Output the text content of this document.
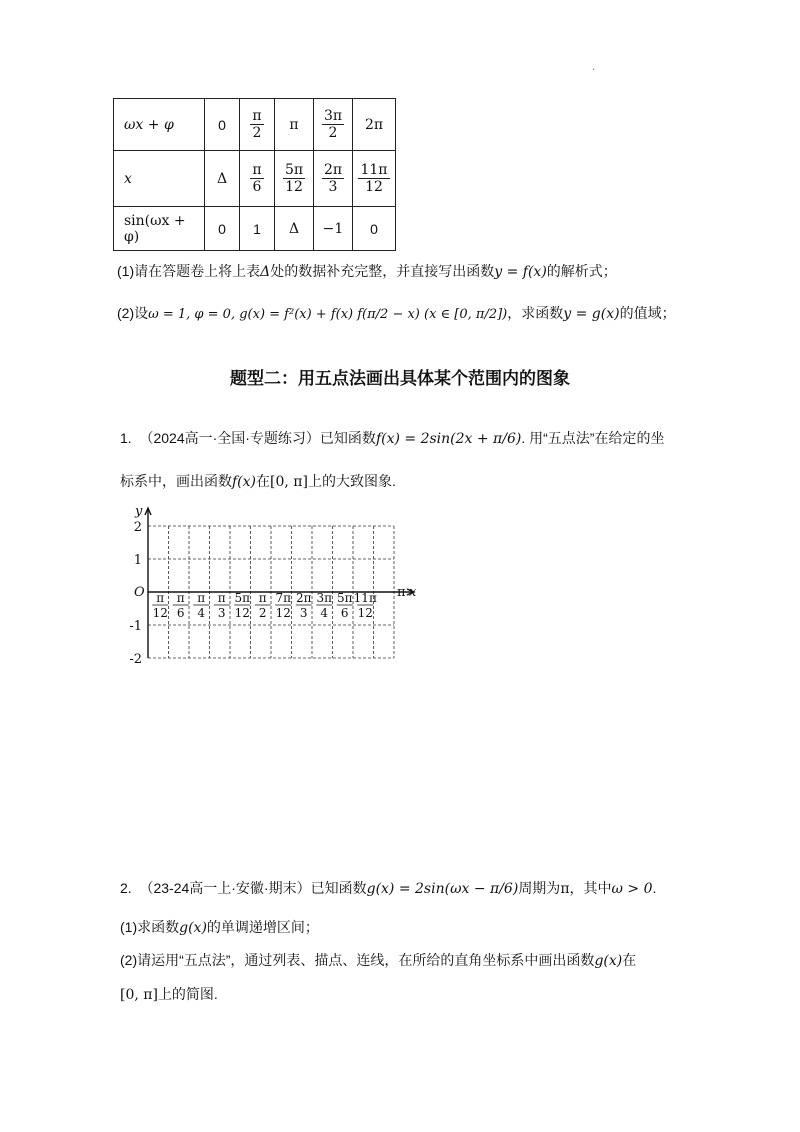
.
ωx + φ	0	$\frac{\pi}{2}$	π	$\frac{3\pi}{2}$	2π
x	Δ	$\frac{\pi}{6}$	$\frac{5\pi}{12}$	$\frac{2\pi}{3}$	$\frac{11\pi}{12}$

sin(ωx + φ)	0	1	Δ	−1	0
(1)请在答题卷上将上表Δ处的数据补充完整，并直接写出函数y = f(x)的解析式；
(2)设ω = 1, φ = 0, g(x) = f²(x) + f(x) f(π/2 − x) (x ∈ [0, π/2])，求函数y = g(x)的值域；
题型二：用五点法画出具体某个范围内的图象
1. （2024高一·全国·专题练习）已知函数f(x) = 2sin(2x + π/6). 用“五点法”在给定的坐
标系中，画出函数f(x)在[0, π]上的大致图象.
y
O	π x
2
1
-1
-2
π
12
π
6
π
4
π
3
5π
12
π
2
7π
12
2π
3
3π
4
5π
6
11π
12
2. （23-24高一上·安徽·期末）已知函数g(x) = 2sin(ωx − π/6)周期为π，其中ω > 0.
(1)求函数g(x)的单调递增区间；
(2)请运用“五点法”，通过列表、描点、连线，在所给的直角坐标系中画出函数g(x)在
[0, π]上的简图.
